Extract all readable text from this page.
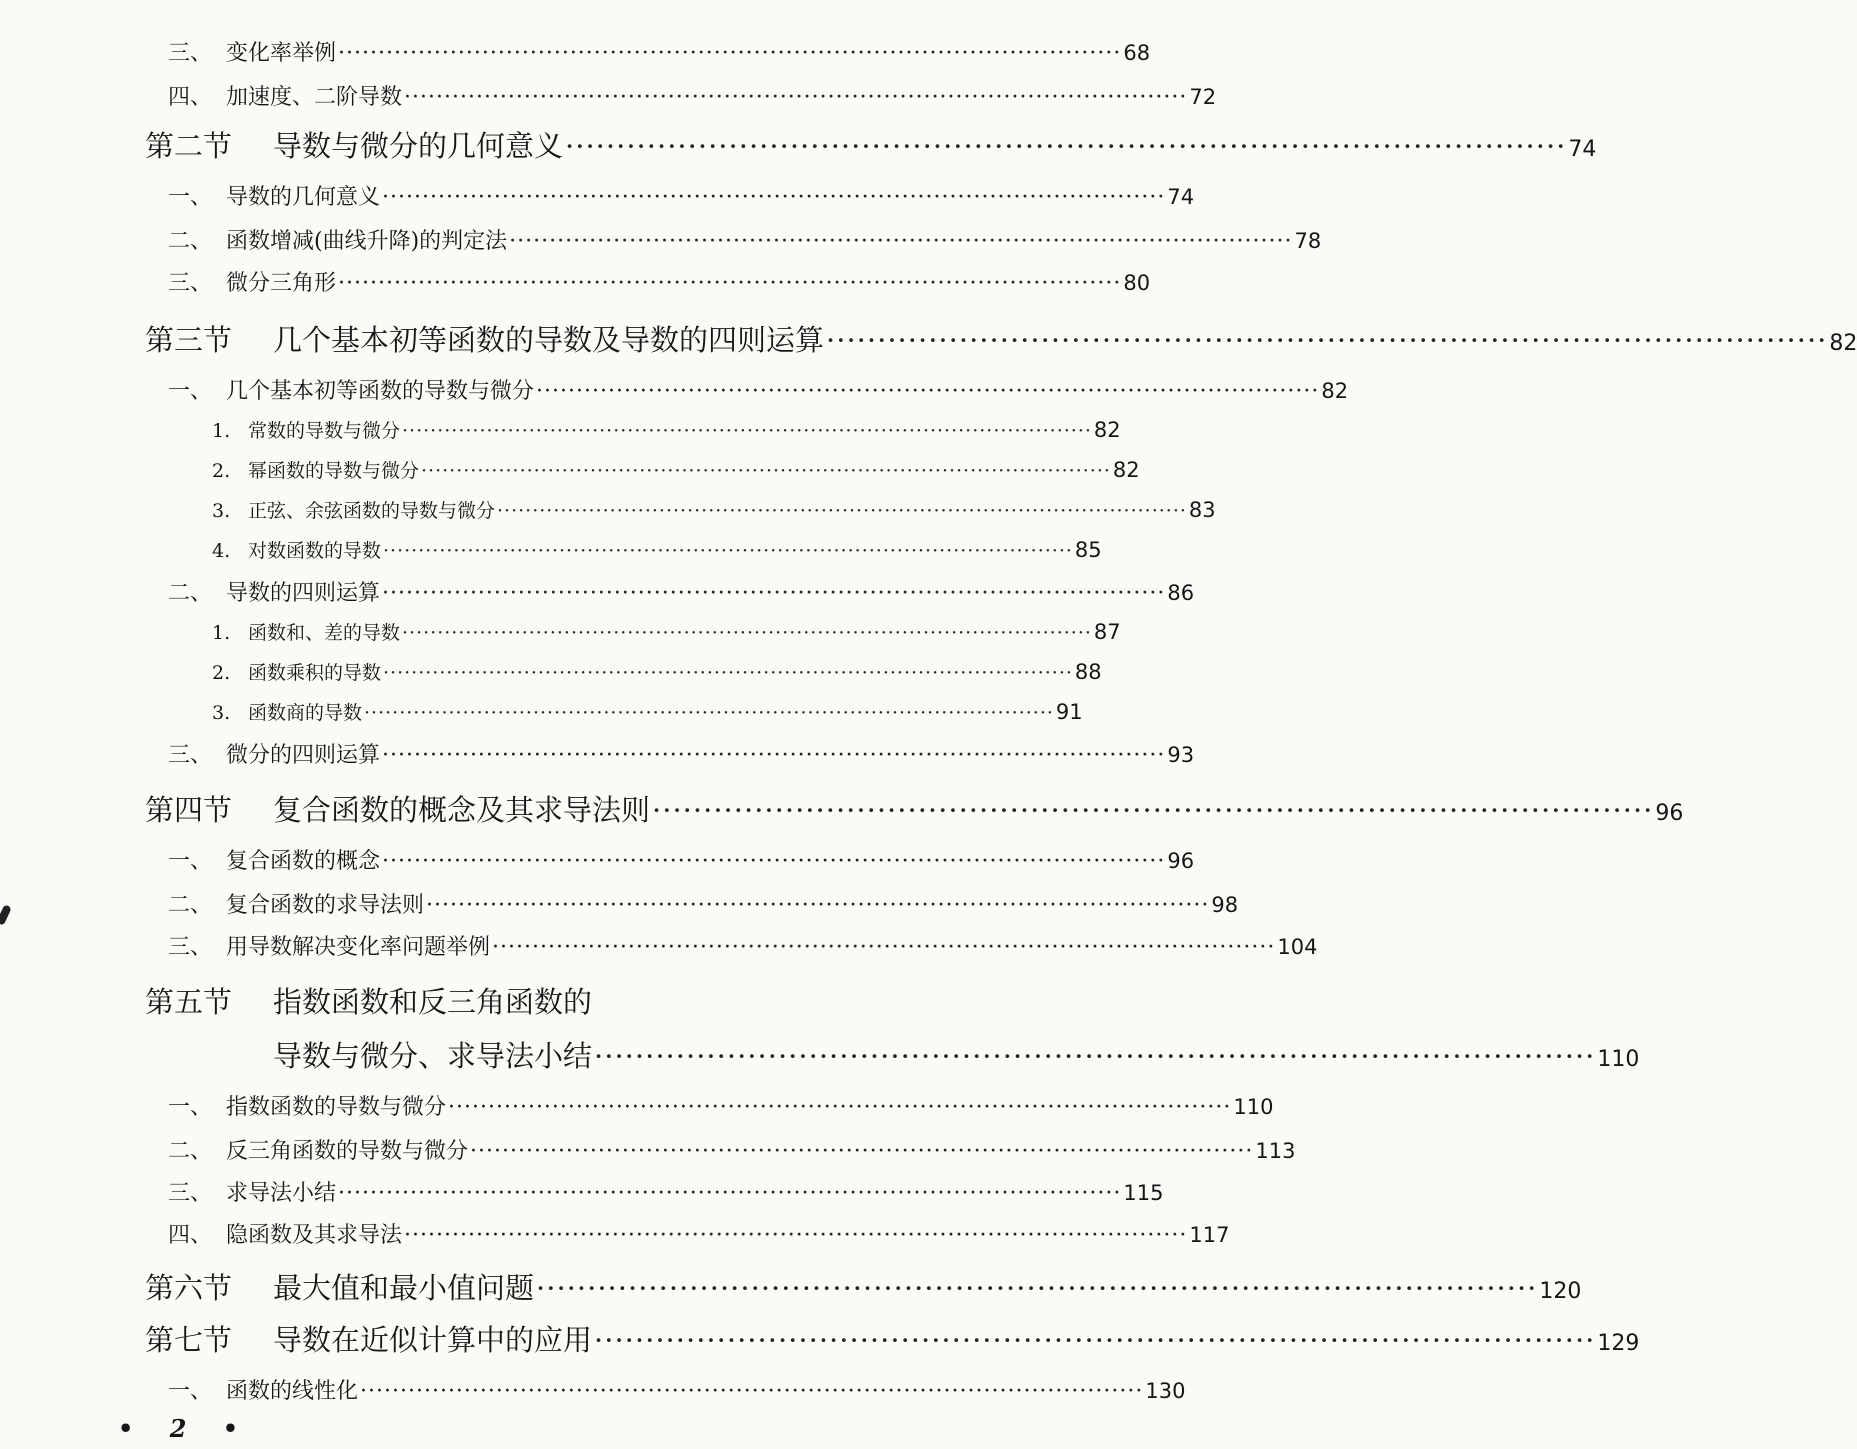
三、 变化率举例 ·································································································· 68
四、 加速度、二阶导数 ·································································································· 72
第二节 导数与微分的几何意义 ·································································································· 74
一、 导数的几何意义 ·································································································· 74
二、 函数增减(曲线升降)的判定法 ·································································································· 78
三、 微分三角形 ·································································································· 80
第三节 几个基本初等函数的导数及导数的四则运算 ·································································································· 82
一、 几个基本初等函数的导数与微分 ·································································································· 82
1. 常数的导数与微分 ·································································································· 82
2. 幂函数的导数与微分 ·································································································· 82
3. 正弦、余弦函数的导数与微分 ·································································································· 83
4. 对数函数的导数 ·································································································· 85
二、 导数的四则运算 ·································································································· 86
1. 函数和、差的导数 ·································································································· 87
2. 函数乘积的导数 ·································································································· 88
3. 函数商的导数 ·································································································· 91
三、 微分的四则运算 ·································································································· 93
第四节 复合函数的概念及其求导法则 ·································································································· 96
一、 复合函数的概念 ·································································································· 96
二、 复合函数的求导法则 ·································································································· 98
三、 用导数解决变化率问题举例 ·································································································· 104
第五节 指数函数和反三角函数的
导数与微分、求导法小结 ·································································································· 110
一、 指数函数的导数与微分 ·································································································· 110
二、 反三角函数的导数与微分 ·································································································· 113
三、 求导法小结 ·································································································· 115
四、 隐函数及其求导法 ·································································································· 117
第六节 最大值和最小值问题 ·································································································· 120
第七节 导数在近似计算中的应用 ·································································································· 129
一、 函数的线性化 ·································································································· 130
• 2 •
